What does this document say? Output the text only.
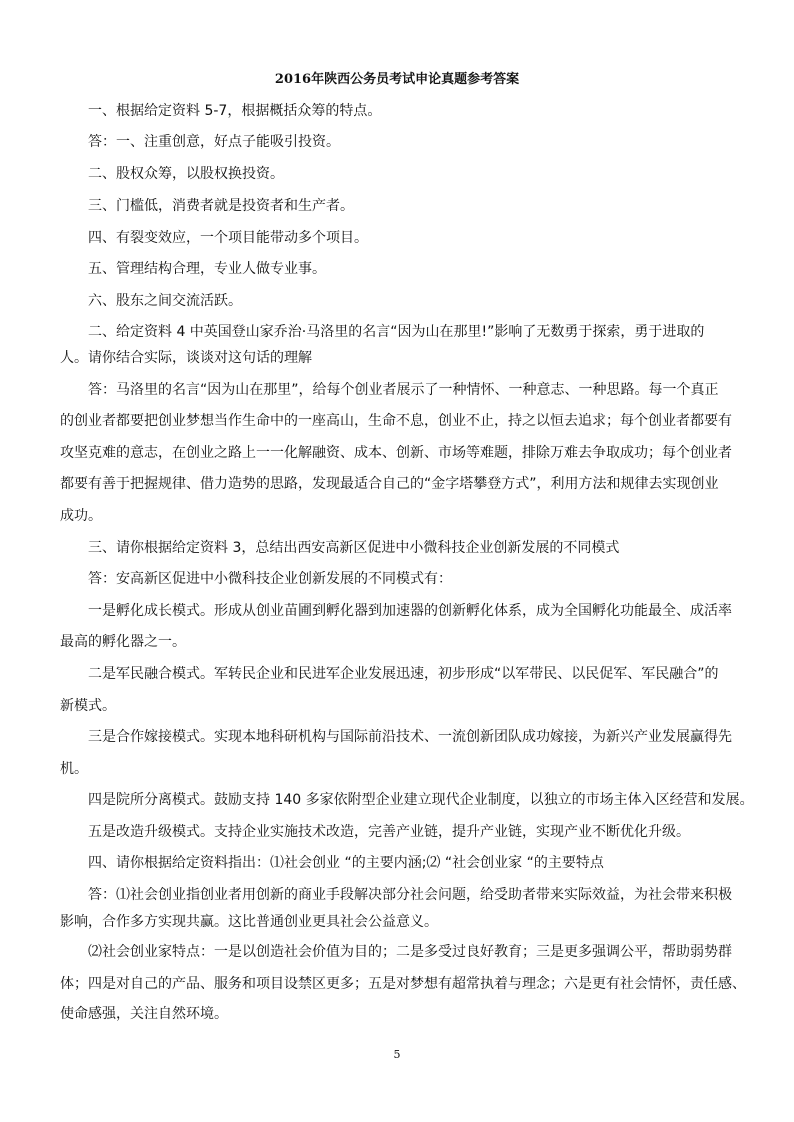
2016年陕西公务员考试申论真题参考答案
一、根据给定资料 5-7，根据概括众筹的特点。
答：一、注重创意，好点子能吸引投资。
二、股权众筹，以股权换投资。
三、门槛低，消费者就是投资者和生产者。
四、有裂变效应，一个项目能带动多个项目。
五、管理结构合理，专业人做专业事。
六、股东之间交流活跃。
二、给定资料 4 中英国登山家乔治·马洛里的名言“因为山在那里!”影响了无数勇于探索，勇于进取的
人。请你结合实际，谈谈对这句话的理解
答：马洛里的名言“因为山在那里”，给每个创业者展示了一种情怀、一种意志、一种思路。每一个真正
的创业者都要把创业梦想当作生命中的一座高山，生命不息，创业不止，持之以恒去追求；每个创业者都要有
攻坚克难的意志，在创业之路上一一化解融资、成本、创新、市场等难题，排除万难去争取成功；每个创业者
都要有善于把握规律、借力造势的思路，发现最适合自己的“金字塔攀登方式”，利用方法和规律去实现创业
成功。
三、请你根据给定资料 3，总结出西安高新区促进中小微科技企业创新发展的不同模式
答：安高新区促进中小微科技企业创新发展的不同模式有：
一是孵化成长模式。形成从创业苗圃到孵化器到加速器的创新孵化体系，成为全国孵化功能最全、成活率
最高的孵化器之一。
二是军民融合模式。军转民企业和民进军企业发展迅速，初步形成“以军带民、以民促军、军民融合”的
新模式。
三是合作嫁接模式。实现本地科研机构与国际前沿技术、一流创新团队成功嫁接，为新兴产业发展赢得先
机。
四是院所分离模式。鼓励支持 140 多家依附型企业建立现代企业制度，以独立的市场主体入区经营和发展。
五是改造升级模式。支持企业实施技术改造，完善产业链，提升产业链，实现产业不断优化升级。
四、请你根据给定资料指出：⑴社会创业 “的主要内涵;⑵ “社会创业家 “的主要特点
答：⑴社会创业指创业者用创新的商业手段解决部分社会问题，给受助者带来实际效益，为社会带来积极
影响，合作多方实现共赢。这比普通创业更具社会公益意义。
⑵社会创业家特点：一是以创造社会价值为目的；二是多受过良好教育；三是更多强调公平，帮助弱势群
体；四是对自己的产品、服务和项目设禁区更多；五是对梦想有超常执着与理念；六是更有社会情怀，责任感、
使命感强，关注自然环境。
5
